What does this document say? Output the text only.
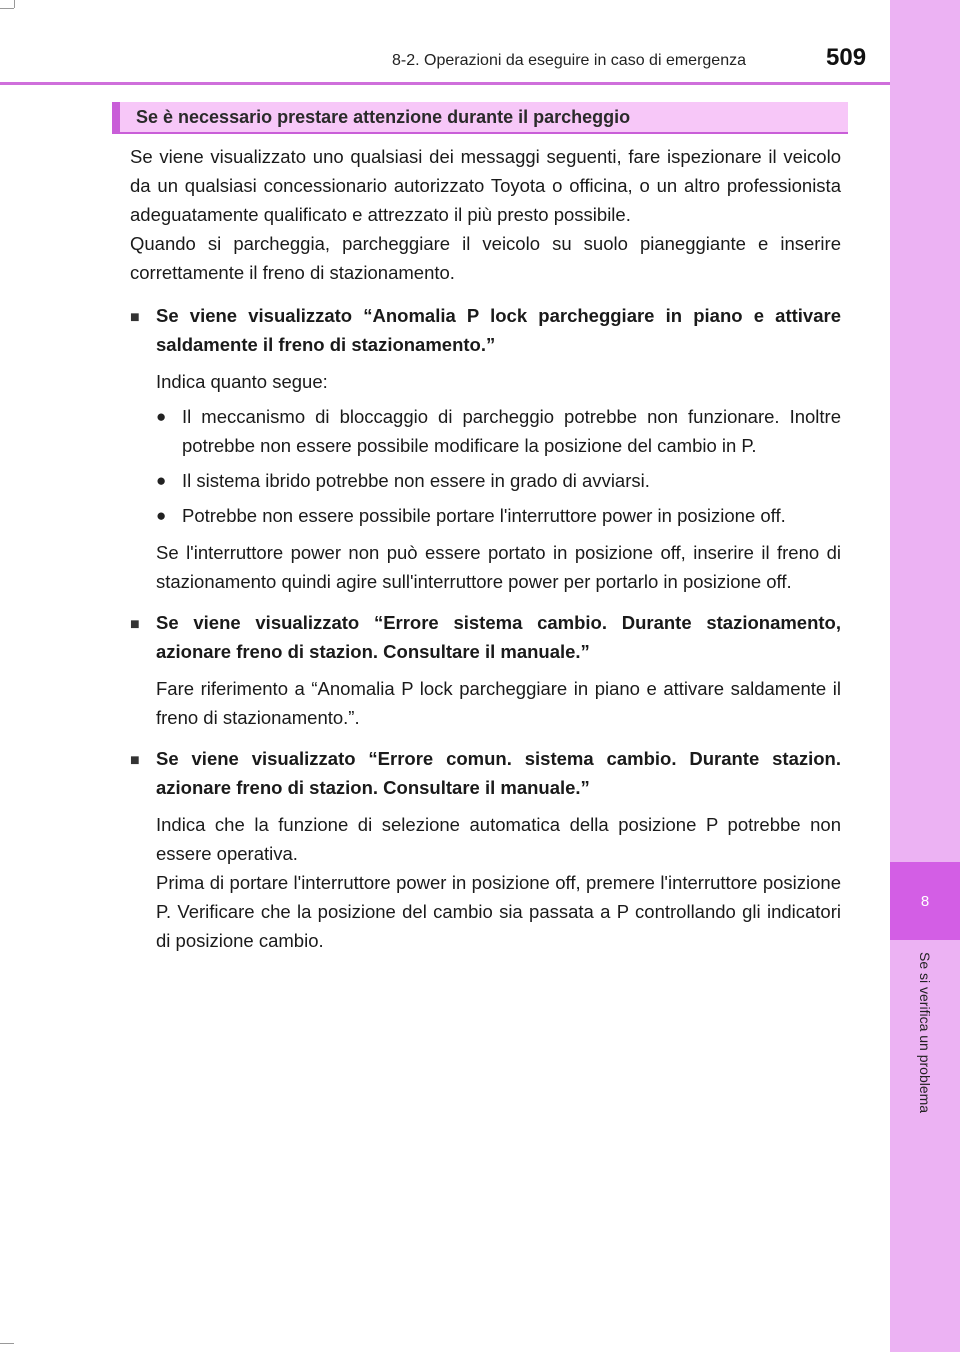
8
Se si verifica un problema
8-2. Operazioni da eseguire in caso di emergenza	509
Se è necessario prestare attenzione durante il parcheggio

Se viene visualizzato uno qualsiasi dei messaggi seguenti, fare ispezionare il veicolo da un qualsiasi concessionario autorizzato Toyota o officina, o un altro professionista adeguatamente qualificato e attrezzato il più presto possibile.

Quando si parcheggia, parcheggiare il veicolo su suolo pianeggiante e inserire correttamente il freno di stazionamento.

■ Se viene visualizzato “Anomalia P lock parcheggiare in piano e attivare saldamente il freno di stazionamento.”

Indica quanto segue:

● Il meccanismo di bloccaggio di parcheggio potrebbe non funzionare. Inoltre potrebbe non essere possibile modificare la posizione del cambio in P.
● Il sistema ibrido potrebbe non essere in grado di avviarsi.
● Potrebbe non essere possibile portare l'interruttore power in posizione off.

Se l'interruttore power non può essere portato in posizione off, inserire il freno di stazionamento quindi agire sull'interruttore power per portarlo in posizione off.

■ Se viene visualizzato “Errore sistema cambio. Durante stazionamento, azionare freno di stazion. Consultare il manuale.”

Fare riferimento a “Anomalia P lock parcheggiare in piano e attivare saldamente il freno di stazionamento.”.

■ Se viene visualizzato “Errore comun. sistema cambio. Durante stazion. azionare freno di stazion. Consultare il manuale.”

Indica che la funzione di selezione automatica della posizione P potrebbe non essere operativa.

Prima di portare l'interruttore power in posizione off, premere l'interruttore posizione P. Verificare che la posizione del cambio sia passata a P controllando gli indicatori di posizione cambio.
